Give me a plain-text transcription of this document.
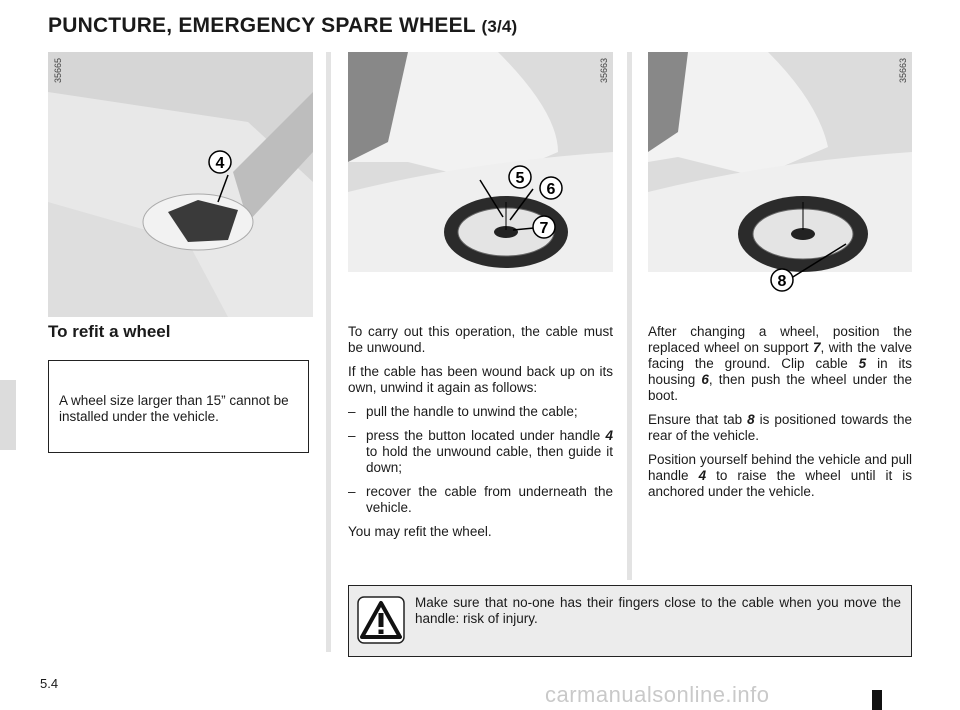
PUNCTURE, EMERGENCY SPARE WHEEL (3/4)
4
35665
5
6
7
35663
8
35663
To refit a wheel

A wheel size larger than 15” cannot be installed under the vehicle.

To carry out this operation, the cable must be unwound.

If the cable has been wound back up on its own, unwind it again as follows:

– pull the handle to unwind the cable;
– press the button located under handle 4 to hold the unwound cable, then guide it down;
– recover the cable from underneath the vehicle.

You may refit the wheel.

After changing a wheel, position the replaced wheel on support 7, with the valve facing the ground. Clip cable 5 in its housing 6, then push the wheel under the boot.

Ensure that tab 8 is positioned towards the rear of the vehicle.

Position yourself behind the vehicle and pull handle 4 to raise the wheel until it is anchored under the vehicle.

Make sure that no-one has their fingers close to the cable when you move the handle: risk of injury.
5.4	carmanualsonline.info
